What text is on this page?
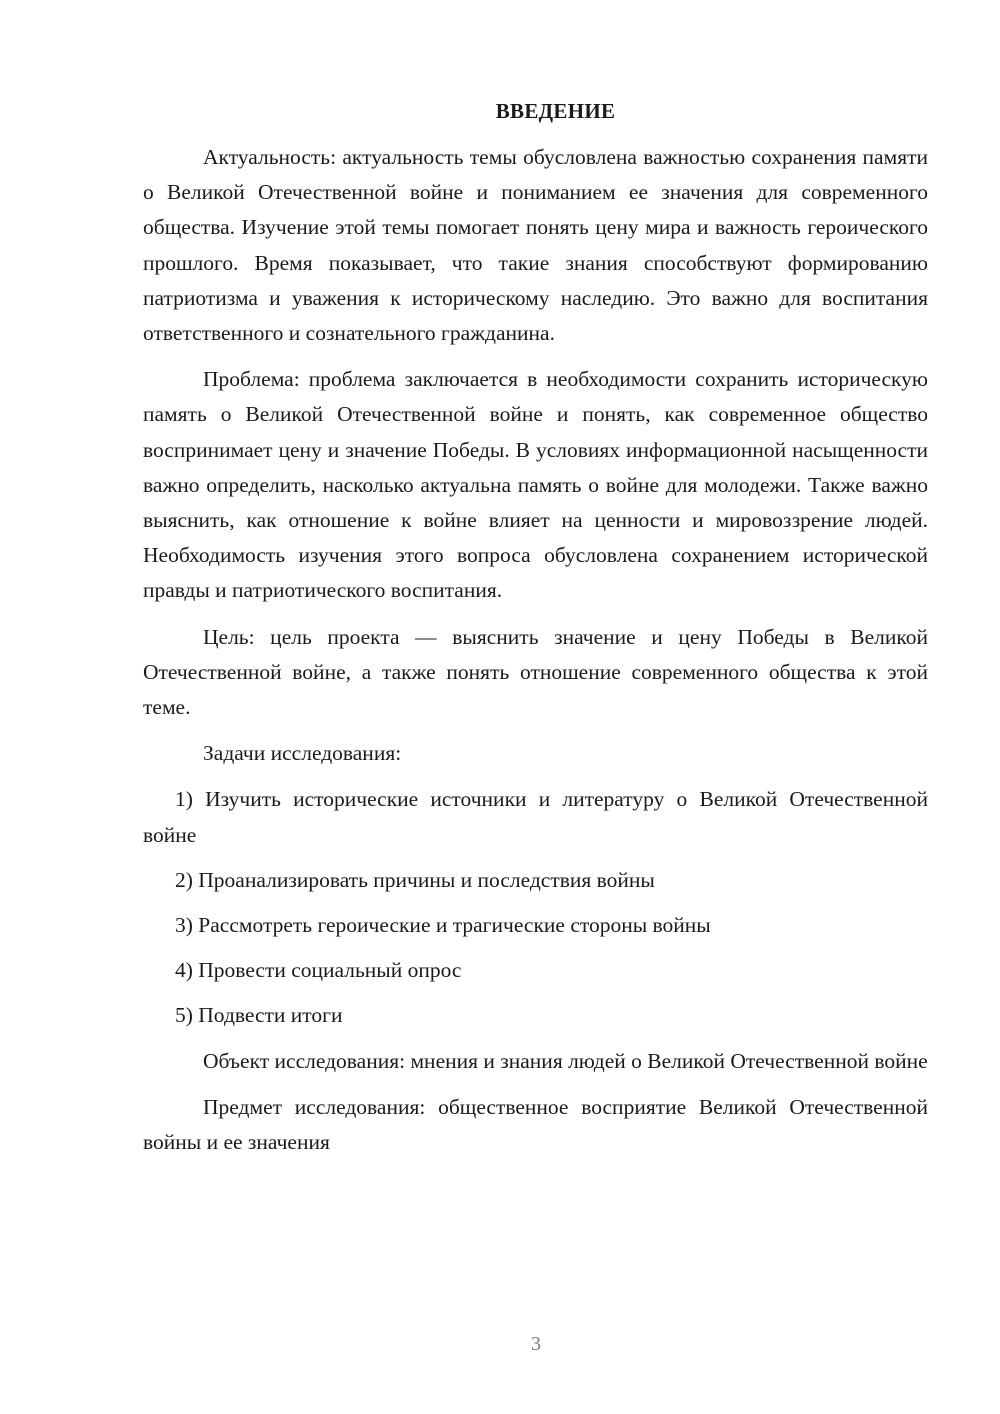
ВВЕДЕНИЕ

Актуальность: актуальность темы обусловлена важностью сохранения памяти о Великой Отечественной войне и пониманием ее значения для современного общества. Изучение этой темы помогает понять цену мира и важность героического прошлого. Время показывает, что такие знания способствуют формированию патриотизма и уважения к историческому наследию. Это важно для воспитания ответственного и сознательного гражданина.

Проблема: проблема заключается в необходимости сохранить историческую память о Великой Отечественной войне и понять, как современное общество воспринимает цену и значение Победы. В условиях информационной насыщенности важно определить, насколько актуальна память о войне для молодежи. Также важно выяснить, как отношение к войне влияет на ценности и мировоззрение людей. Необходимость изучения этого вопроса обусловлена сохранением исторической правды и патриотического воспитания.

Цель: цель проекта — выяснить значение и цену Победы в Великой Отечественной войне, а также понять отношение современного общества к этой теме.

Задачи исследования:

1) Изучить исторические источники и литературу о Великой Отечественной войне

2) Проанализировать причины и последствия войны

3) Рассмотреть героические и трагические стороны войны

4) Провести социальный опрос

5) Подвести итоги

Объект исследования: мнения и знания людей о Великой Отечественной войне

Предмет исследования: общественное восприятие Великой Отечественной войны и ее значения

3
